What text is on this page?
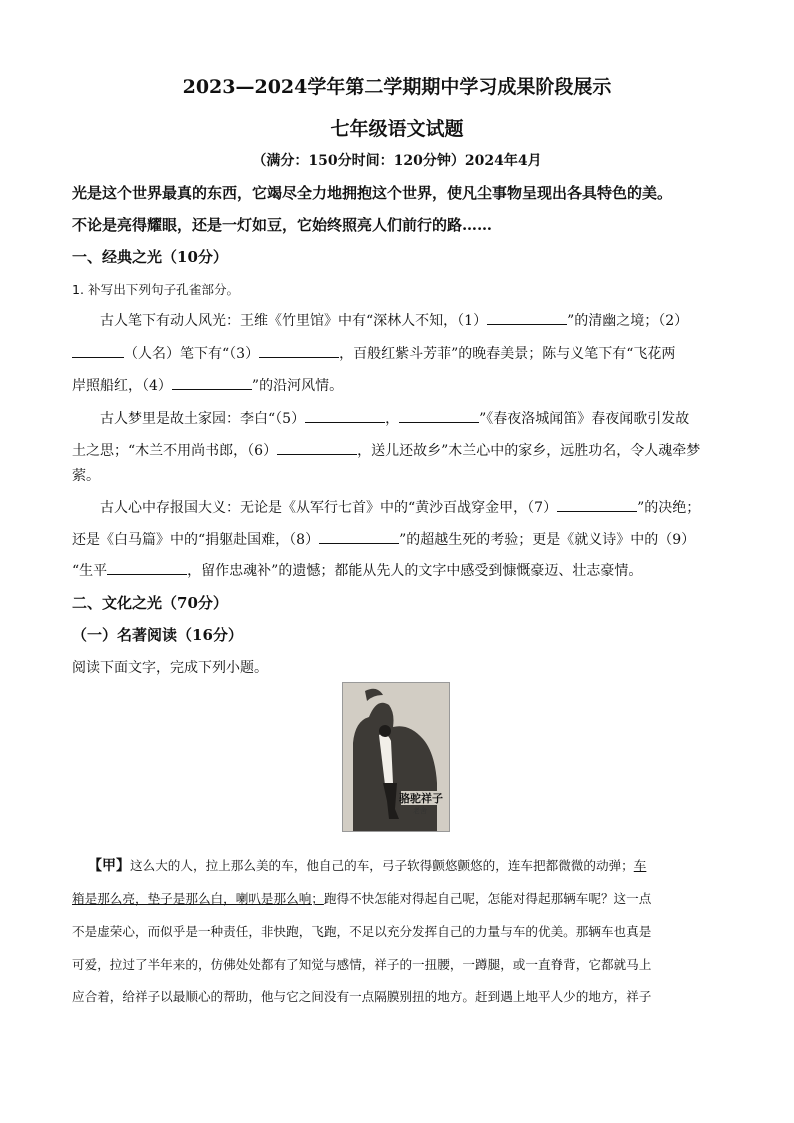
2023—2024学年第二学期期中学习成果阶段展示
七年级语文试题
（满分：150分时间：120分钟）2024年4月
光是这个世界最真的东西，它竭尽全力地拥抱这个世界，使凡尘事物呈现出各具特色的美。
不论是亮得耀眼，还是一灯如豆，它始终照亮人们前行的路……
一、经典之光（10分）
1. 补写出下列句子孔雀部分。
古人笔下有动人风光：王维《竹里馆》中有“深林人不知，（1）	”的清幽之境；（2）
（人名）笔下有“（3）	，百般红紫斗芳菲”的晚春美景；陈与义笔下有“飞花两
岸照船红，（4）	”的沿河风情。
古人梦里是故土家园：李白“（5）	，	”《春夜洛城闻笛》春夜闻歌引发故
土之思；“木兰不用尚书郎，（6）	，送儿还故乡”木兰心中的家乡，远胜功名，令人魂牵梦
萦。
古人心中存报国大义：无论是《从军行七首》中的“黄沙百战穿金甲，（7）	”的决绝；
还是《白马篇》中的“捐躯赴国难，（8）	”的超越生死的考验；更是《就义诗》中的（9）
“生平	，留作忠魂补”的遗憾；都能从先人的文字中感受到慷慨豪迈、壮志豪情。
二、文化之光（70分）
（一）名著阅读（16分）
阅读下面文字，完成下列小题。
骆驼祥子
老舍
【甲】这么大的人，拉上那么美的车，他自己的车，弓子软得颤悠颤悠的，连车把都微微的动弹；车
箱是那么亮，垫子是那么白，喇叭是那么响；跑得不快怎能对得起自己呢，怎能对得起那辆车呢？这一点
不是虚荣心，而似乎是一种责任，非快跑，飞跑，不足以充分发挥自己的力量与车的优美。那辆车也真是
可爱，拉过了半年来的，仿佛处处都有了知觉与感情，祥子的一扭腰，一蹲腿，或一直脊背，它都就马上
应合着，给祥子以最顺心的帮助，他与它之间没有一点隔膜别扭的地方。赶到遇上地平人少的地方，祥子
